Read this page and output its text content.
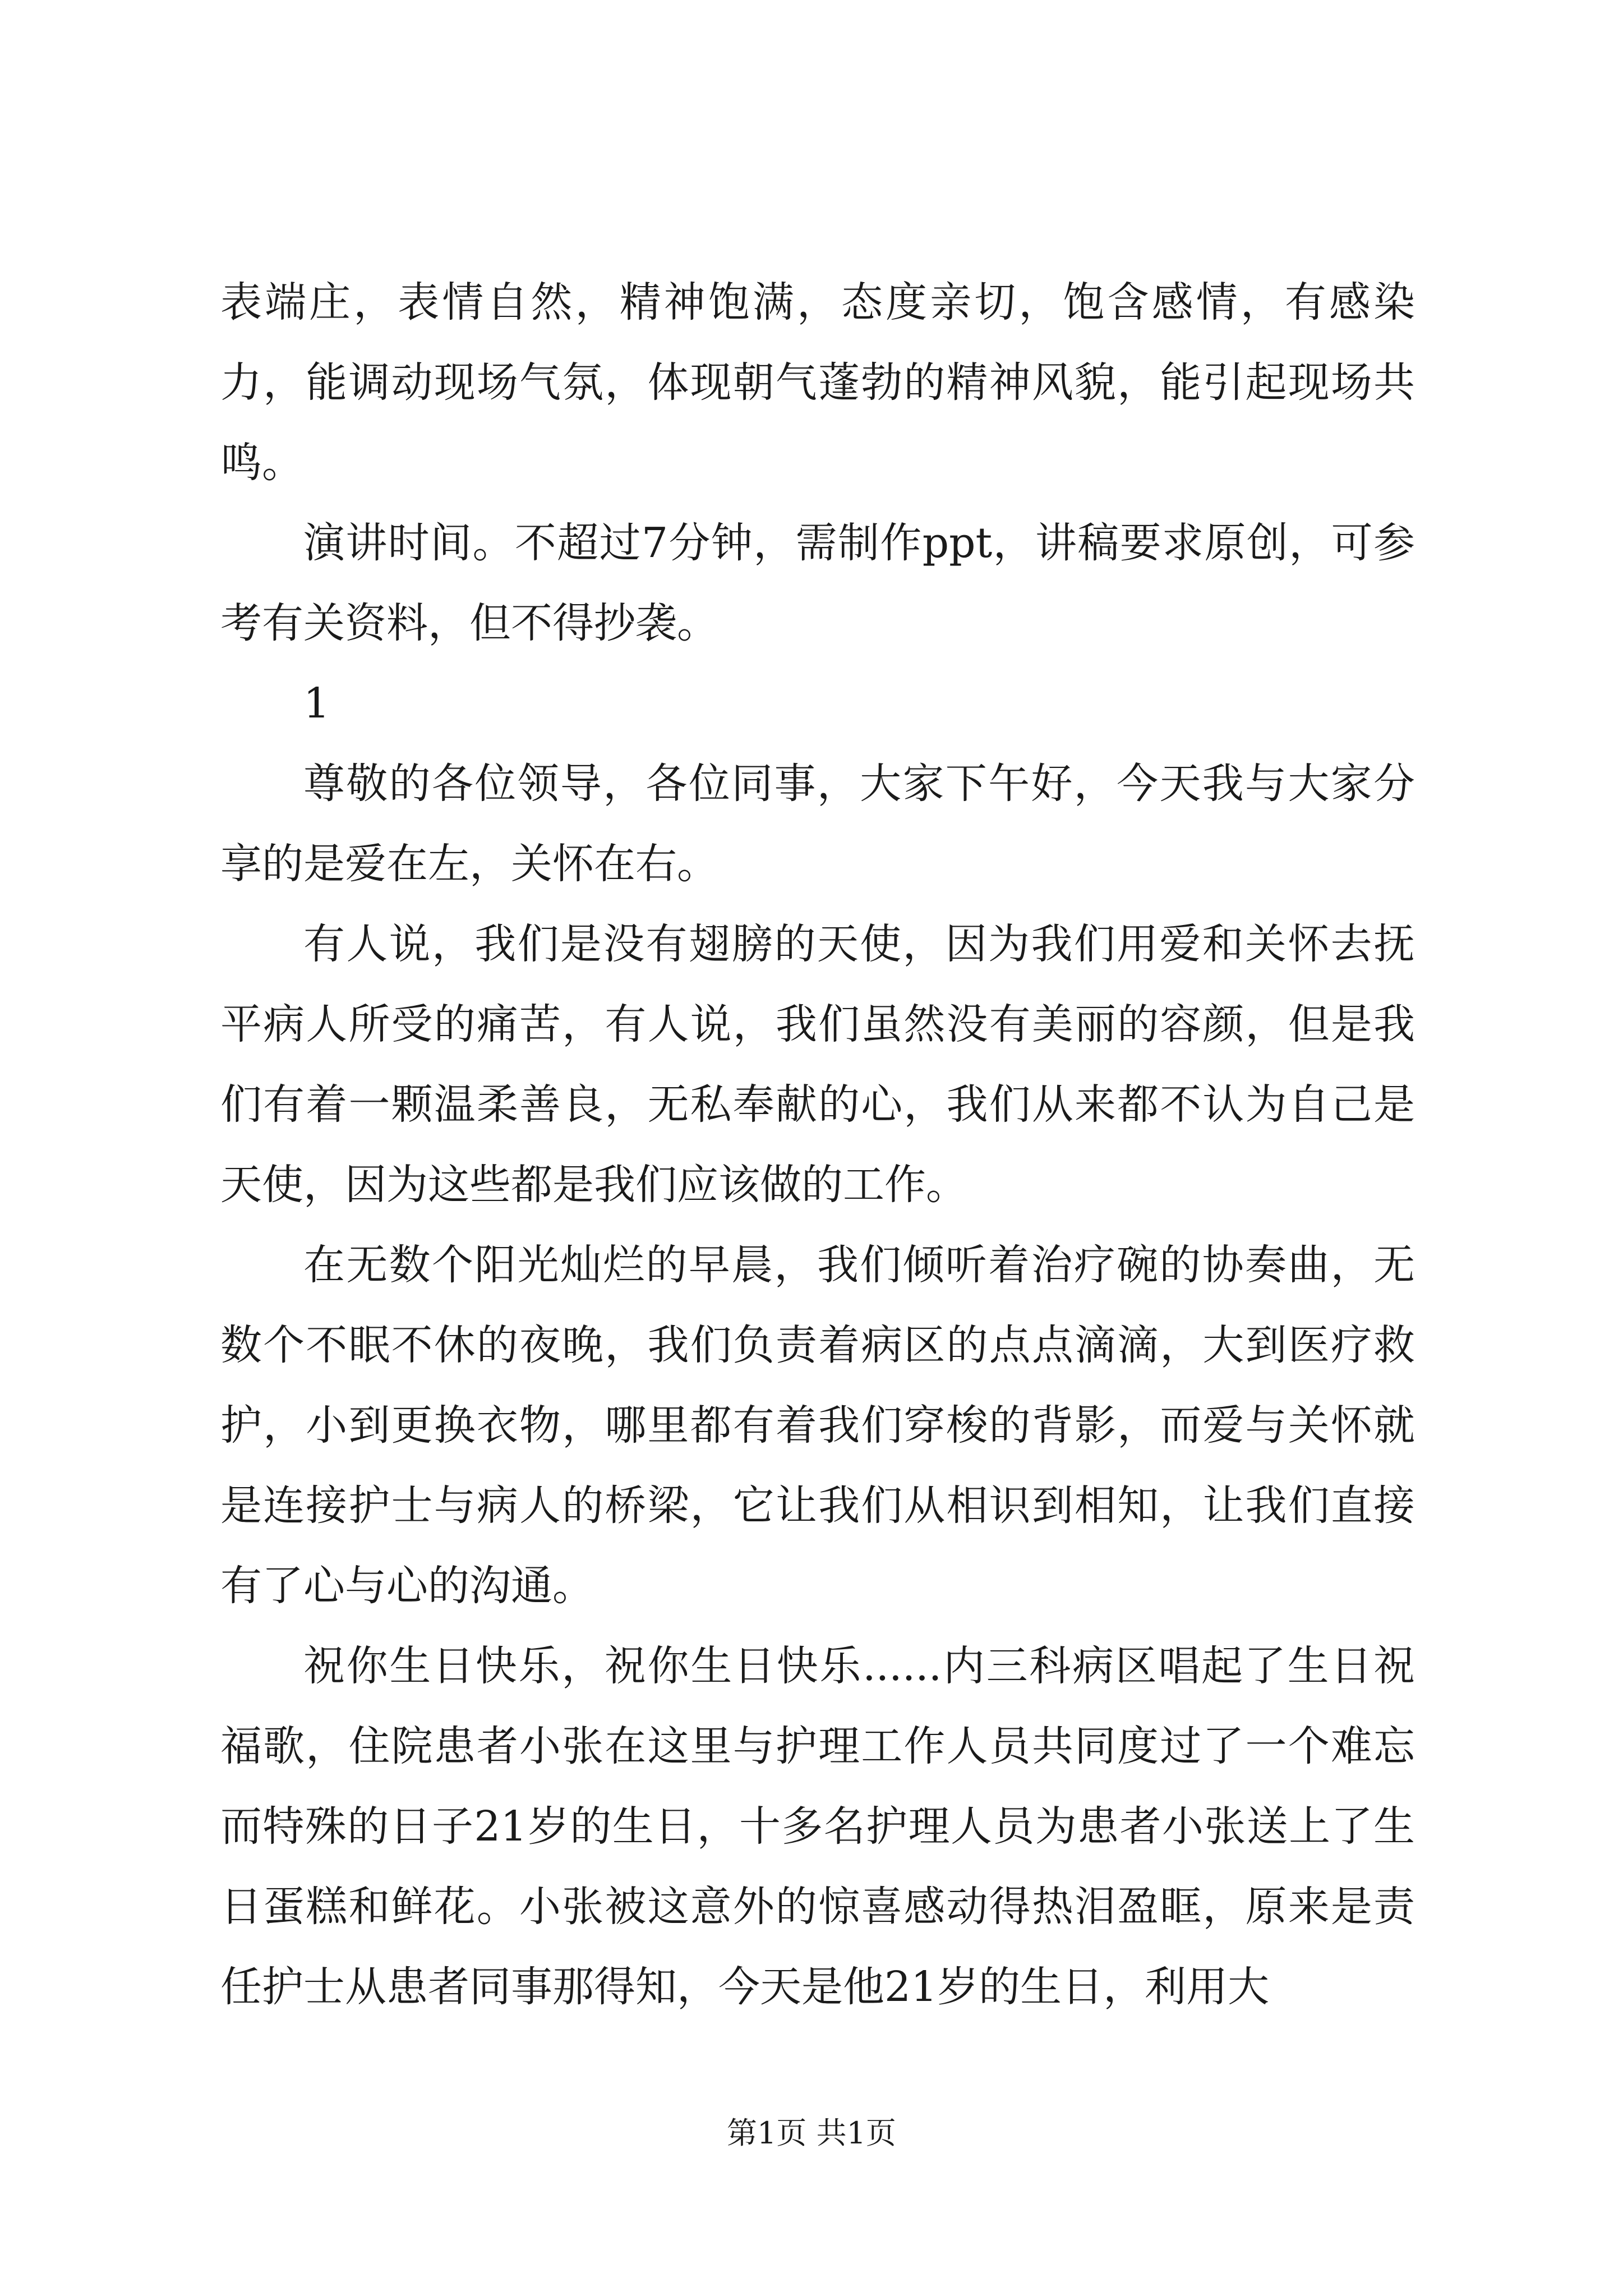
表端庄，表情自然，精神饱满，态度亲切，饱含感情，有感染力，能调动现场气氛，体现朝气蓬勃的精神风貌，能引起现场共鸣。

演讲时间。不超过7分钟，需制作ppt，讲稿要求原创，可参考有关资料，但不得抄袭。

1

尊敬的各位领导，各位同事，大家下午好，今天我与大家分享的是爱在左，关怀在右。

有人说，我们是没有翅膀的天使，因为我们用爱和关怀去抚平病人所受的痛苦，有人说，我们虽然没有美丽的容颜，但是我们有着一颗温柔善良，无私奉献的心，我们从来都不认为自己是天使，因为这些都是我们应该做的工作。

在无数个阳光灿烂的早晨，我们倾听着治疗碗的协奏曲，无数个不眠不休的夜晚，我们负责着病区的点点滴滴，大到医疗救护，小到更换衣物，哪里都有着我们穿梭的背影，而爱与关怀就是连接护士与病人的桥梁，它让我们从相识到相知，让我们直接有了心与心的沟通。

祝你生日快乐，祝你生日快乐......内三科病区唱起了生日祝福歌，住院患者小张在这里与护理工作人员共同度过了一个难忘而特殊的日子21岁的生日，十多名护理人员为患者小张送上了生日蛋糕和鲜花。小张被这意外的惊喜感动得热泪盈眶，原来是责任护士从患者同事那得知，今天是他21岁的生日，利用大

第1页 共1页
